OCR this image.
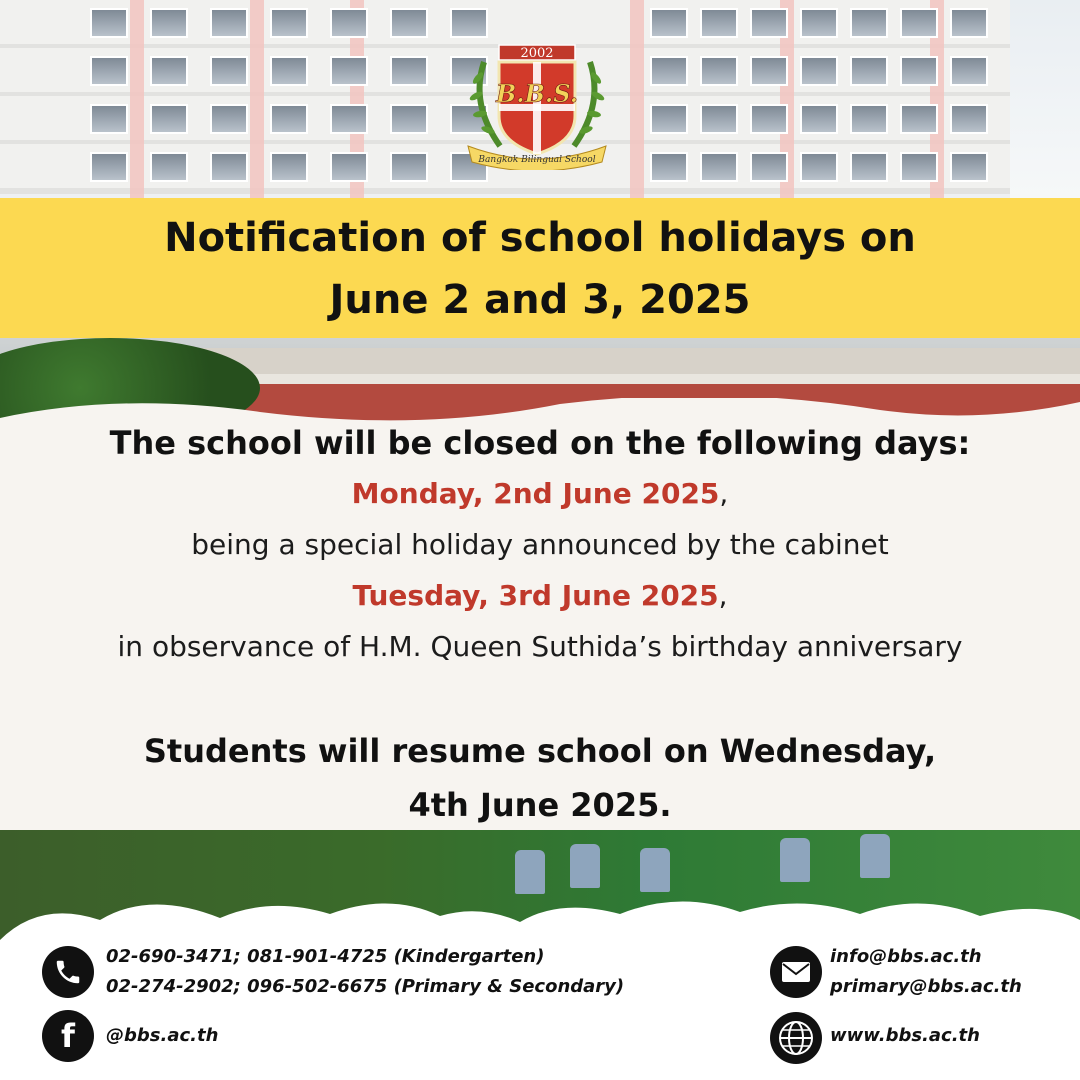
2002
B.B.S.
Bangkok Bilingual School
Notification of school holidays on
June 2 and 3, 2025
The school will be closed on the following days:
Monday, 2nd June 2025,
being a special holiday announced by the cabinet
Tuesday, 3rd June 2025,
in observance of H.M. Queen Suthida’s birthday anniversary
Students will resume school on Wednesday,
4th June 2025.
02-690-3471; 081-901-4725 (Kindergarten)
02-274-2902; 096-502-6675 (Primary & Secondary)
f @bbs.ac.th
info@bbs.ac.th
primary@bbs.ac.th
www.bbs.ac.th
